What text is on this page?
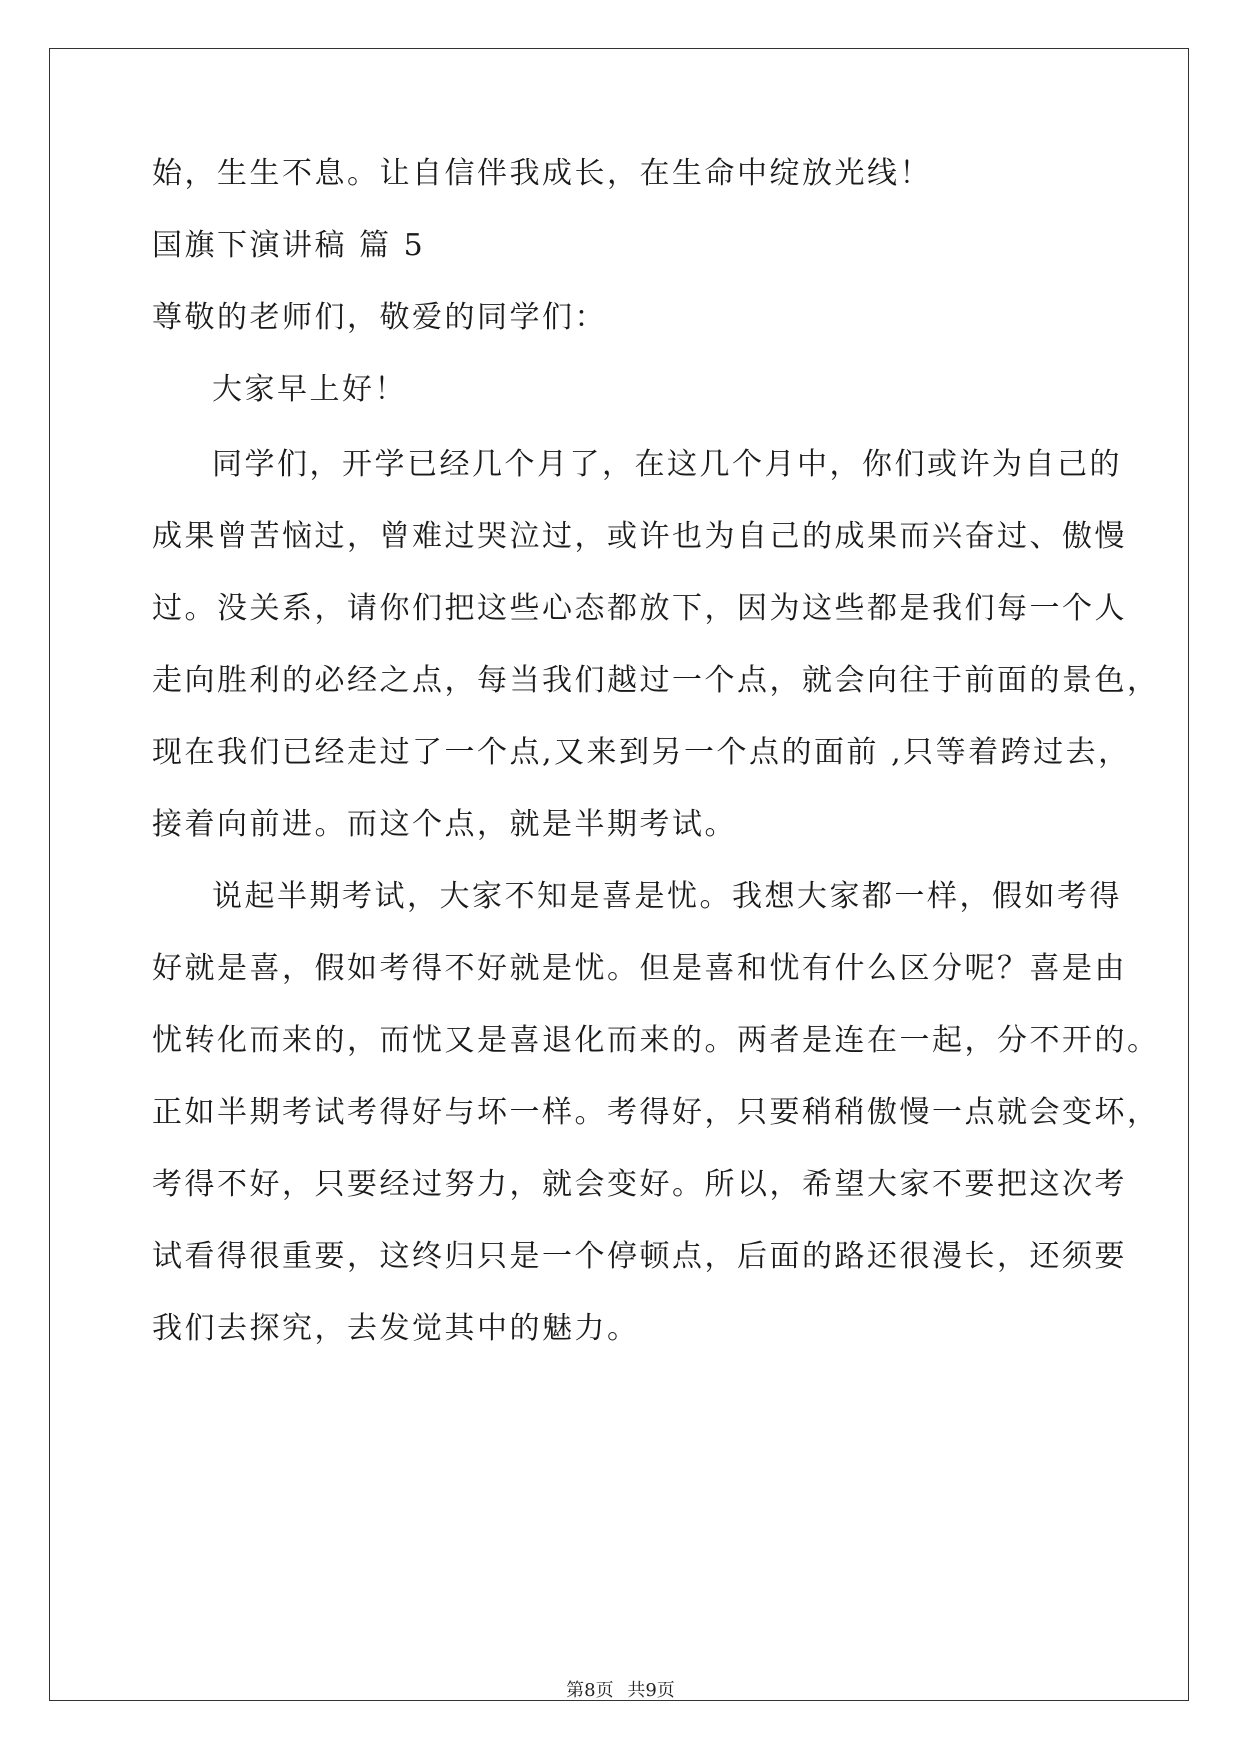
始，生生不息。让自信伴我成长，在生命中绽放光线！
国旗下演讲稿 篇 5
尊敬的老师们，敬爱的同学们：
大家早上好！
同学们，开学已经几个月了，在这几个月中，你们或许为自己的
成果曾苦恼过，曾难过哭泣过，或许也为自己的成果而兴奋过、傲慢
过。没关系，请你们把这些心态都放下，因为这些都是我们每一个人
走向胜利的必经之点，每当我们越过一个点，就会向往于前面的景色，
现在我们已经走过了一个点,又来到另一个点的面前 ,只等着跨过去，
接着向前进。而这个点，就是半期考试。
说起半期考试，大家不知是喜是忧。我想大家都一样，假如考得
好就是喜，假如考得不好就是忧。但是喜和忧有什么区分呢？喜是由
忧转化而来的，而忧又是喜退化而来的。两者是连在一起，分不开的。
正如半期考试考得好与坏一样。考得好，只要稍稍傲慢一点就会变坏，
考得不好，只要经过努力，就会变好。所以，希望大家不要把这次考
试看得很重要，这终归只是一个停顿点，后面的路还很漫长，还须要
我们去探究，去发觉其中的魅力。
第8页 共9页
